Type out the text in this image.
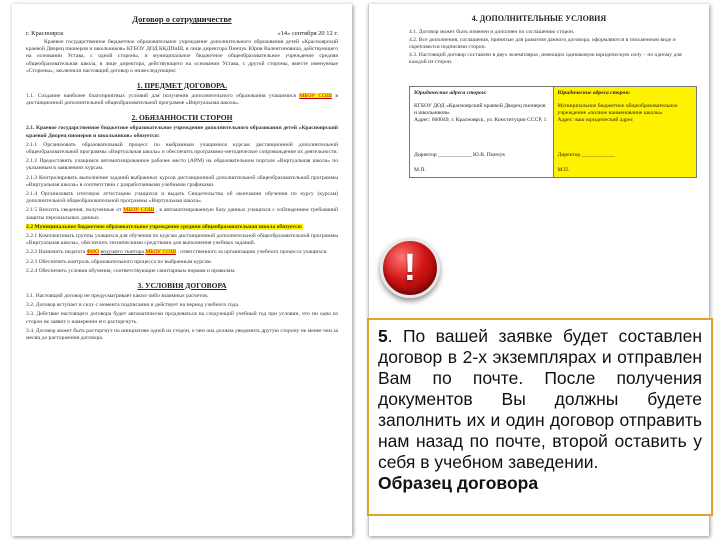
Договор о сотрудничестве
г. Красноярск	«14» сентября 20 12 г.
Краевое государственное бюджетное образовательное учреждение дополнительного образования детей «Красноярский краевой Дворец пионеров и школьников» КГБОУ ДОД ККДПиШ, в лице директора Пинчук Юрия Валентиновича, действующего на основании Устава, с одной стороны, и муниципальное бюджетное общеобразовательное учреждение средняя общеобразовательная школа, в лице директора, действующего на основании Устава, с другой стороны, вместе именуемые «Стороны», заключили настоящий договор о нижеследующем:
1. ПРЕДМЕТ ДОГОВОРА.
1.1. Создание наиболее благоприятных условий для получения дополнительного образования учащимися МБОУ СОШ в дистанционной дополнительной общеобразовательной программе «Виртуальная школа».
2. ОБЯЗАННОСТИ СТОРОН
2.1. Краевое государственное бюджетное образовательное учреждение дополнительного образования детей «Красноярский краевой Дворец пионеров и школьников» обязуется:
2.1.1 Организовать образовательный процесс по выбранным учащимися курсам дистанционной дополнительной общеобразовательной программы «Виртуальная школа» и обеспечить программно-методическое сопровождение их деятельности.
2.1.2 Предоставить учащимся автоматизированное рабочее место (АРМ) на образовательном портале «Виртуальная школа» по указанным в заявлениях курсам.
2.1.3 Контролировать выполнение заданий выбранных курсов дистанционной дополнительной общеобразовательной программы «Виртуальная школа» в соответствии с разработанными учебными графиками.
2.1.4 Организовать итоговую аттестацию учащихся и выдать Свидетельства об окончании обучения по курсу (курсам) дополнительной общеобразовательной программы «Виртуальная школа».
2.1.5 Вносить сведения, полученные от МБОУ СОШ , в автоматизированную базу данных учащихся с соблюдением требований защиты персональных данных.
2.2 Муниципальное бюджетное образовательное учреждение средняя общеобразовательная школа обязуется:
2.2.1 Комплектовать группы учащихся для обучения по курсам дистанционной дополнительной общеобразовательной программы «Виртуальная школа», обеспечить техническими средствами для выполнения учебных заданий.
2.2.2 Назначить педагога ФИО ведущего тьютора МБОУ СОШ , ответственного за организацию учебного процесса учащихся.
2.2.3 Обеспечить контроль образовательного процесса по выбранным курсам.
2.2.4 Обеспечить условия обучения, соответствующие санитарным нормам и правилам.
3. УСЛОВИЯ ДОГОВОРА
3.1. Настоящий договор не предусматривает каких-либо взаимных расчетов.
3.2. Договор вступает в силу с момента подписания и действует на период учебного года.
3.3. Действие настоящего договора будет автоматически продлеваться на следующий учебный год при условии, что ни одна из сторон не заявит о намерении его расторгнуть.
3.4. Договор может быть расторгнут по инициативе одной из сторон, о чем она должна уведомить другую сторону не менее чем за месяц до расторжения договора.
4. ДОПОЛНИТЕЛЬНЫЕ УСЛОВИЯ
4.1. Договор может быть изменен и дополнен по соглашению сторон.
4.2. Все дополнения, соглашения, принятые для развития данного договора, оформляются в письменном виде и скрепляются подписями сторон.
4.3. Настоящий договор составлен в двух экземплярах, имеющих одинаковую юридическую силу – по одному для каждой из сторон.
Юридические адреса сторон:
КГБОУ ДОД «Красноярский краевой Дворец пионеров и школьников»
Адрес: 660049, г. Красноярск, ул. Конституции СССР, 1
Директор ____________ Ю.В. Пинчук
М.П.

Юридические адреса сторон:
Муниципальное бюджетное общеобразовательное учреждение «полное наименование школы»
Адрес: ваш юридический адрес
Директор ____________
М.П.
!
5. По вашей заявке будет составлен договор в 2-х экземплярах и отправлен Вам по почте. После получения документов Вы должны будете заполнить их и один договор отправить нам назад по почте, второй оставить у себя в учебном заведении.
Образец договора
